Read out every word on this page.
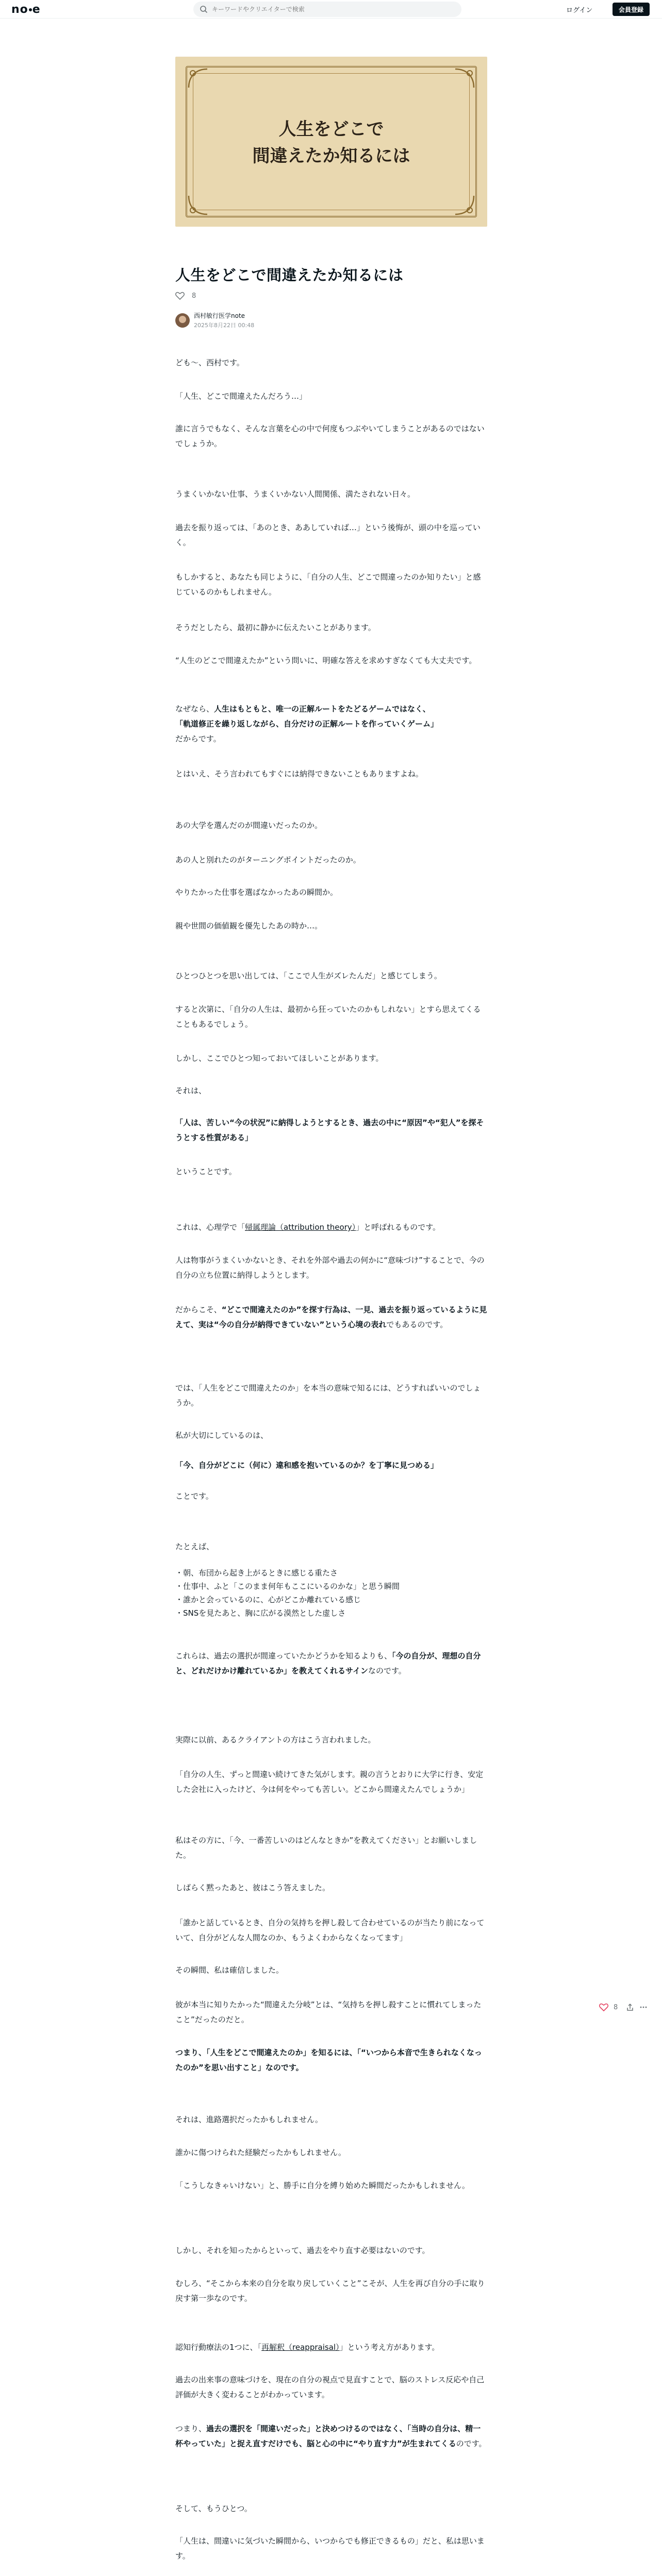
no e
キーワードやクリエイターで検索	ログイン	会員登録
人生をどこで
間違えたか知るには
人生をどこで間違えたか知るには
8
西村敏行医学note
2025年8月22日 00:48
ども～、西村です。
「人生、どこで間違えたんだろう…」
誰に言うでもなく、そんな言葉を心の中で何度もつぶやいてしまうことがあるのではないでしょうか。
うまくいかない仕事、うまくいかない人間関係、満たされない日々。
過去を振り返っては、「あのとき、ああしていれば…」という後悔が、頭の中を巡っていく。
もしかすると、あなたも同じように、「自分の人生、どこで間違ったのか知りたい」と感じているのかもしれません。
そうだとしたら、最初に静かに伝えたいことがあります。
“人生のどこで間違えたか”という問いに、明確な答えを求めすぎなくても大丈夫です。
なぜなら、人生はもともと、唯一の正解ルートをたどるゲームではなく、
「軌道修正を繰り返しながら、自分だけの正解ルートを作っていくゲーム」
だからです。
とはいえ、そう言われてもすぐには納得できないこともありますよね。
あの大学を選んだのが間違いだったのか。
あの人と別れたのがターニングポイントだったのか。
やりたかった仕事を選ばなかったあの瞬間か。
親や世間の価値観を優先したあの時か…。
ひとつひとつを思い出しては、「ここで人生がズレたんだ」と感じてしまう。
すると次第に、「自分の人生は、最初から狂っていたのかもしれない」とすら思えてくることもあるでしょう。
しかし、ここでひとつ知っておいてほしいことがあります。
それは、
「人は、苦しい“今の状況”に納得しようとするとき、過去の中に“原因”や“犯人”を探そうとする性質がある」
ということです。
これは、心理学で「帰属理論（attribution theory）」と呼ばれるものです。
人は物事がうまくいかないとき、それを外部や過去の何かに“意味づけ”することで、今の自分の立ち位置に納得しようとします。
だからこそ、“どこで間違えたのか”を探す行為は、一見、過去を振り返っているように見えて、実は“今の自分が納得できていない”という心境の表れでもあるのです。
では、「人生をどこで間違えたのか」を本当の意味で知るには、どうすればいいのでしょうか。
私が大切にしているのは、
「今、自分がどこに（何に）違和感を抱いているのか？を丁寧に見つめる」
ことです。
たとえば、
・朝、布団から起き上がるときに感じる重たさ
・仕事中、ふと「このまま何年もここにいるのかな」と思う瞬間
・誰かと会っているのに、心がどこか離れている感じ
・SNSを見たあと、胸に広がる漠然とした虚しさ
これらは、過去の選択が間違っていたかどうかを知るよりも、「今の自分が、理想の自分と、どれだけかけ離れているか」を教えてくれるサインなのです。
実際に以前、あるクライアントの方はこう言われました。
「自分の人生、ずっと間違い続けてきた気がします。親の言うとおりに大学に行き、安定した会社に入ったけど、今は何をやっても苦しい。どこから間違えたんでしょうか」
私はその方に、「今、一番苦しいのはどんなときか”を教えてください」とお願いしました。
しばらく黙ったあと、彼はこう答えました。
「誰かと話しているとき、自分の気持ちを押し殺して合わせているのが当たり前になっていて、自分がどんな人間なのか、もうよくわからなくなってます」
その瞬間、私は確信しました。
彼が本当に知りたかった“間違えた分岐”とは、“気持ちを押し殺すことに慣れてしまったこと”だったのだと。
つまり、「人生をどこで間違えたのか」を知るには、「“いつから本音で生きられなくなったのか”を思い出すこと」なのです。
それは、進路選択だったかもしれません。
誰かに傷つけられた経験だったかもしれません。
「こうしなきゃいけない」と、勝手に自分を縛り始めた瞬間だったかもしれません。
しかし、それを知ったからといって、過去をやり直す必要はないのです。
むしろ、“そこから本来の自分を取り戻していくこと”こそが、人生を再び自分の手に取り戻す第一歩なのです。
認知行動療法の1つに、「再解釈（reappraisal）」という考え方があります。
過去の出来事の意味づけを、現在の自分の視点で見直すことで、脳のストレス反応や自己評価が大きく変わることがわかっています。
つまり、過去の選択を「間違いだった」と決めつけるのではなく、「当時の自分は、精一杯やっていた」と捉え直すだけでも、脳と心の中に“やり直す力”が生まれてくるのです。
そして、もうひとつ。
「人生は、間違いに気づいた瞬間から、いつからでも修正できるもの」だと、私は思います。
8
